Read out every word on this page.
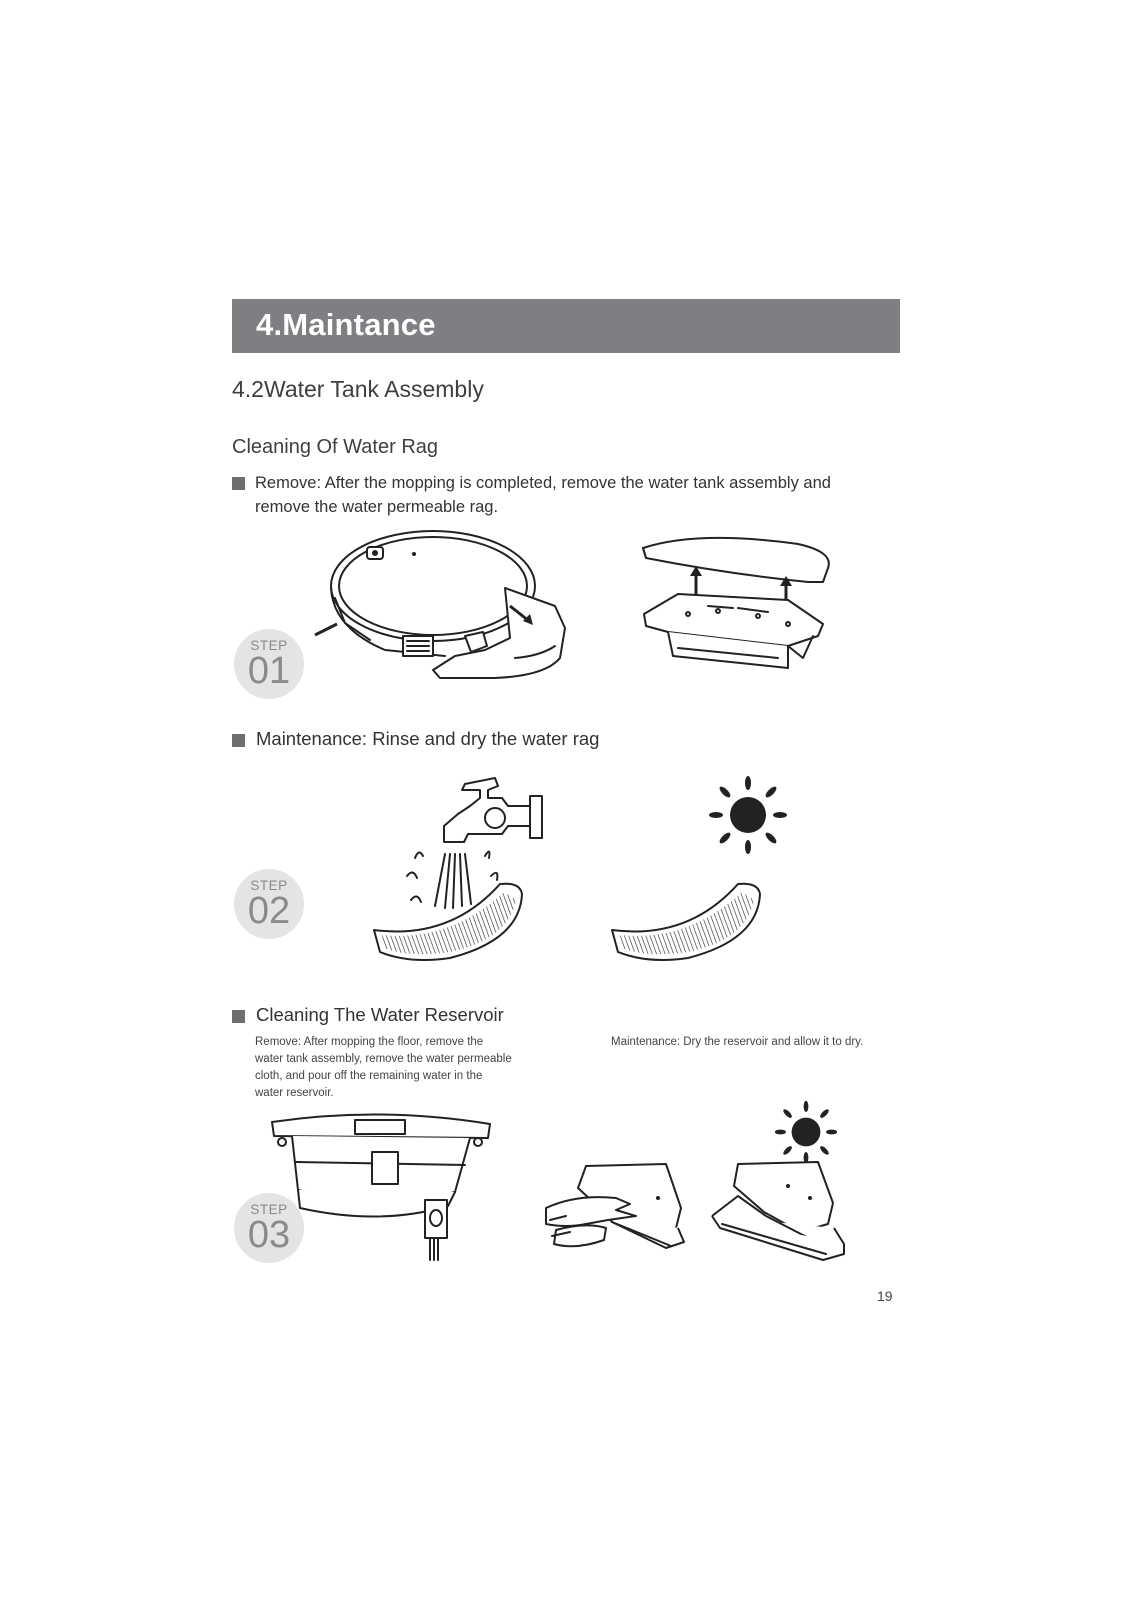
4.Maintance
4.2Water Tank Assembly
Cleaning Of Water Rag
Remove: After the mopping is completed, remove the water tank assembly and
remove the water permeable rag.
STEP
01
Maintenance: Rinse and dry the water rag
STEP
02
Cleaning The Water Reservoir
Remove: After mopping the floor, remove the
water tank assembly, remove the water permeable
cloth, and pour off the remaining water in the
water reservoir.
Maintenance: Dry the reservoir and allow it to dry.
STEP
03
19
